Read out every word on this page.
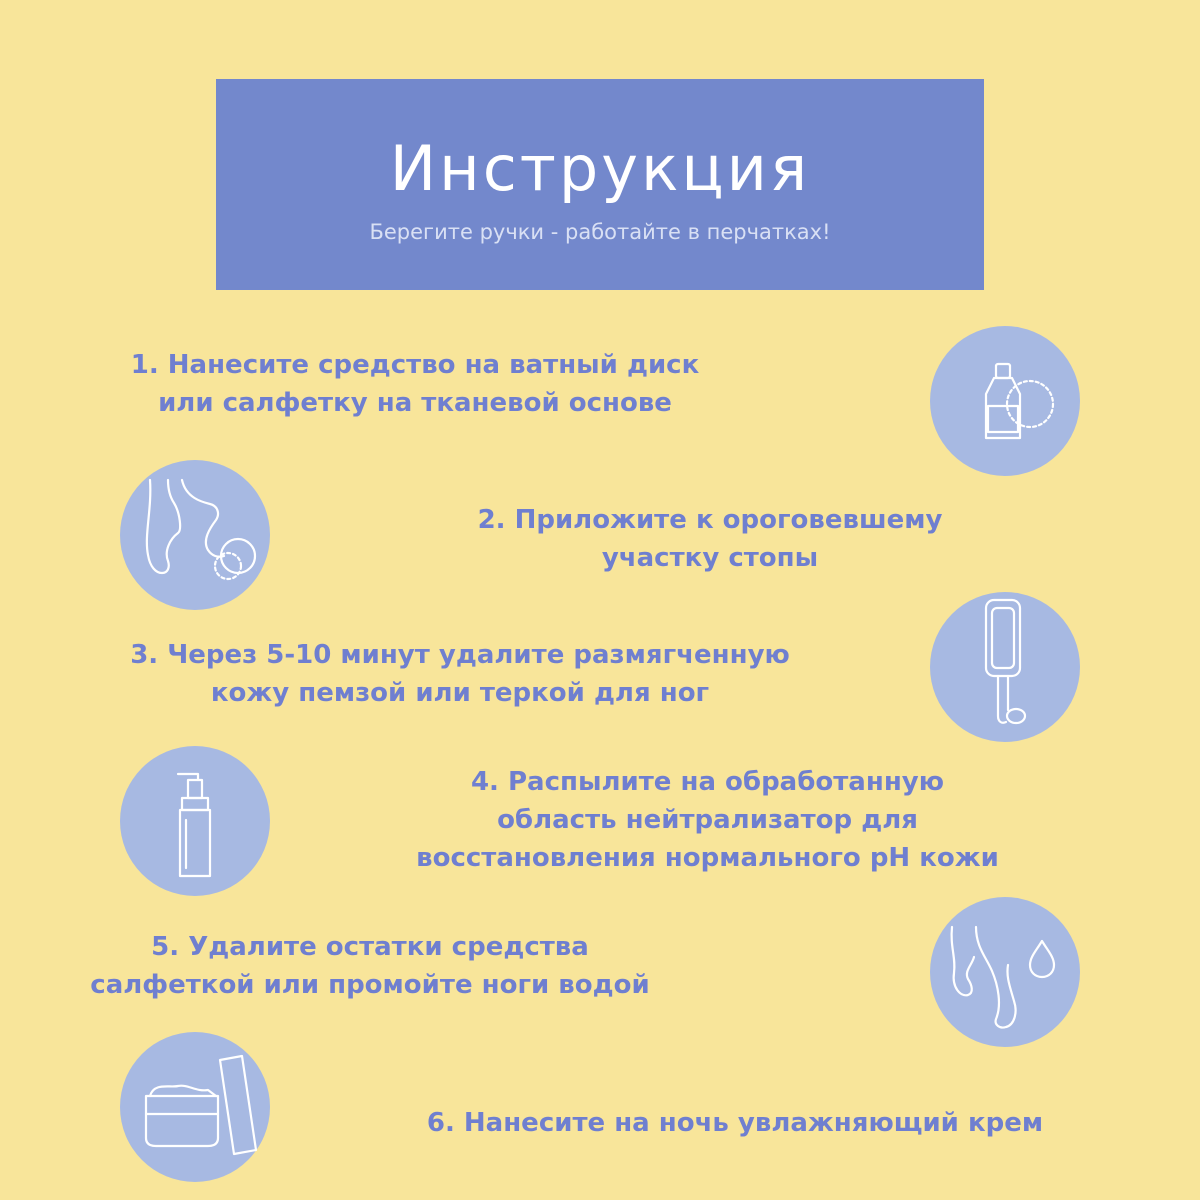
Инструкция
Берегите ручки - работайте в перчатках!
1. Нанесите средство на ватный диск
или салфетку на тканевой основе
2. Приложите к ороговевшему
участку стопы
3. Через 5-10 минут удалите размягченную
кожу пемзой или теркой для ног
4. Распылите на обработанную
область нейтрализатор для
восстановления нормального pH кожи
5. Удалите остатки средства
салфеткой или промойте ноги водой
6. Нанесите на ночь увлажняющий крем
